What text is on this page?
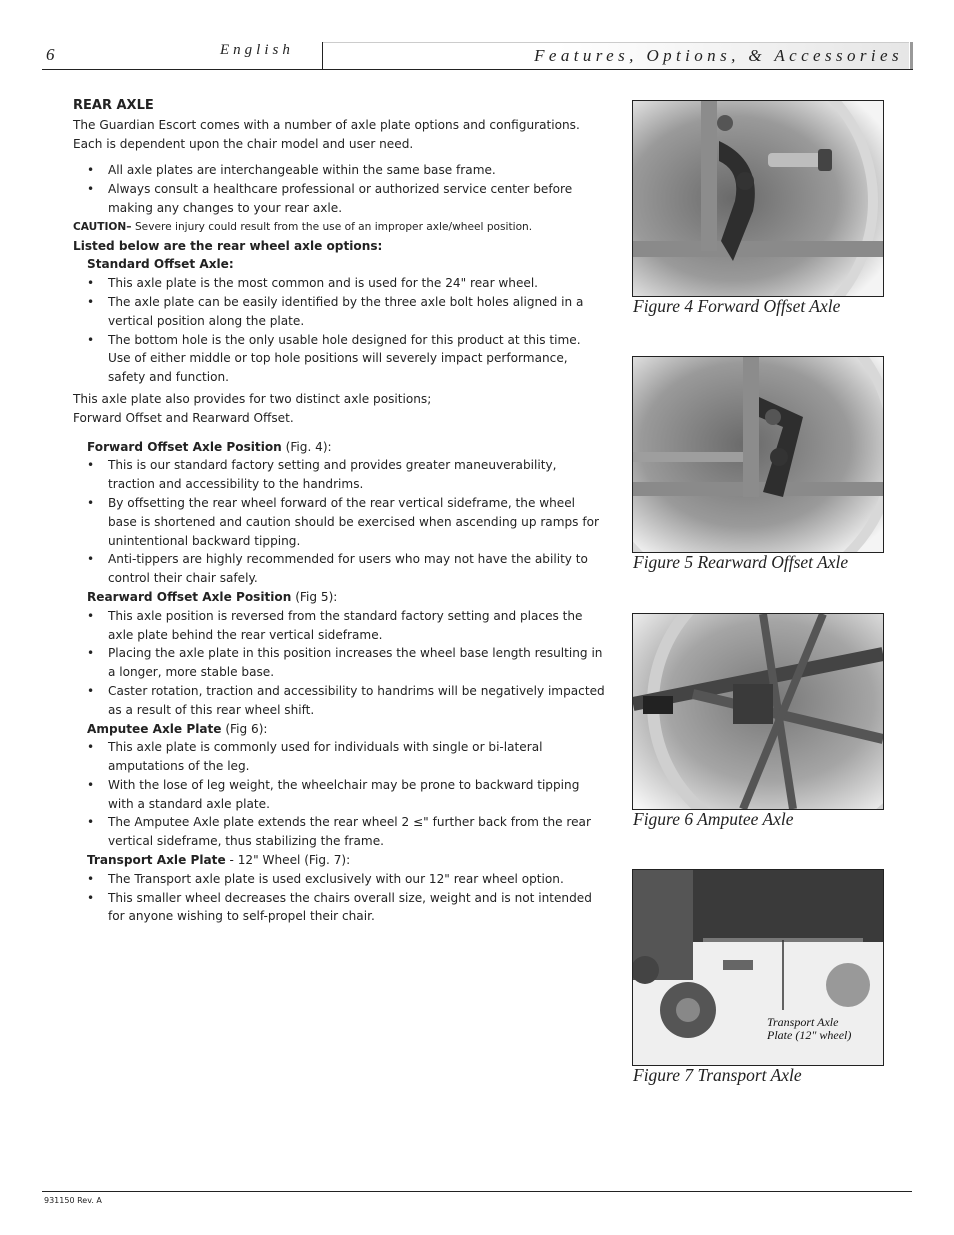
6	English	Features, Options, & Accessories

REAR AXLE

The Guardian Escort comes with a number of axle plate options and configurations. Each is dependent upon the chair model and user need.

• All axle plates are interchangeable within the same base frame.
• Always consult a healthcare professional or authorized service center before making any changes to your rear axle.

CAUTION– Severe injury could result from the use of an improper axle/wheel position.

Listed below are the rear wheel axle options:

Standard Offset Axle:

• This axle plate is the most common and is used for the 24" rear wheel.
• The axle plate can be easily identified by the three axle bolt holes aligned in a vertical position along the plate.
• The bottom hole is the only usable hole designed for this product at this time. Use of either middle or top hole positions will severely impact performance, safety and function.

This axle plate also provides for two distinct axle positions;

Forward Offset and Rearward Offset.

Forward Offset Axle Position (Fig. 4):

• This is our standard factory setting and provides greater maneuverability, traction and accessibility to the handrims.
• By offsetting the rear wheel forward of the rear vertical sideframe, the wheel base is shortened and caution should be exercised when ascending up ramps for unintentional backward tipping.
• Anti-tippers are highly recommended for users who may not have the ability to control their chair safely.

Rearward Offset Axle Position (Fig 5):

• This axle position is reversed from the standard factory setting and places the axle plate behind the rear vertical sideframe.
• Placing the axle plate in this position increases the wheel base length resulting in a longer, more stable base.
• Caster rotation, traction and accessibility to handrims will be negatively impacted as a result of this rear wheel shift.

Amputee Axle Plate (Fig 6):

• This axle plate is commonly used for individuals with single or bi-lateral amputations of the leg.
• With the lose of leg weight, the wheelchair may be prone to backward tipping with a standard axle plate.
• The Amputee Axle plate extends the rear wheel 2 ≤" further back from the rear vertical sideframe, thus stabilizing the frame.

Transport Axle Plate - 12" Wheel (Fig. 7):

• The Transport axle plate is used exclusively with our 12" rear wheel option.
• This smaller wheel decreases the chairs overall size, weight and is not intended for anyone wishing to self-propel their chair.
Figure 4 Forward Offset Axle
Figure 5 Rearward Offset Axle
Figure 6 Amputee Axle
Transport Axle
Plate (12" wheel)
Figure 7 Transport Axle
931150 Rev. A
